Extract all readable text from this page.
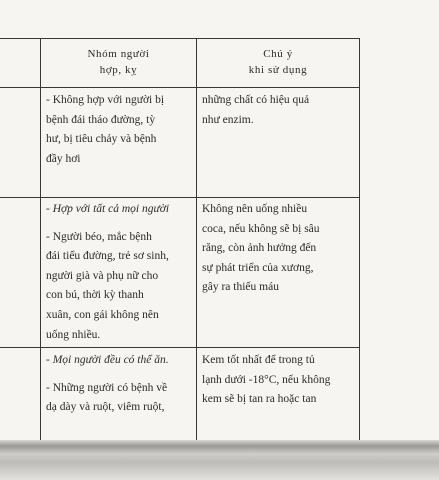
Nhóm người

hợp, kỵ

Chú ý

khi sử dụng

- Không hợp với người bị

bệnh đái tháo đường, tỳ

hư, bị tiêu chảy và bệnh

đầy hơi

những chất có hiệu quả

như enzim.

- Hợp với tất cả mọi người

- Người béo, mắc bệnh

đái tiểu đường, trẻ sơ sinh,

người già và phụ nữ cho

con bú, thời kỳ thanh

xuân, con gái không nên

uống nhiều.

Không nên uống nhiều

coca, nếu không sẽ bị sâu

răng, còn ảnh hưởng đến

sự phát triển của xương,

gây ra thiếu máu

- Mọi người đều có thể ăn.

- Những người có bệnh về

dạ dày và ruột, viêm ruột,

Kem tốt nhất để trong tủ

lạnh dưới -18°C, nếu không

kem sẽ bị tan ra hoặc tan
